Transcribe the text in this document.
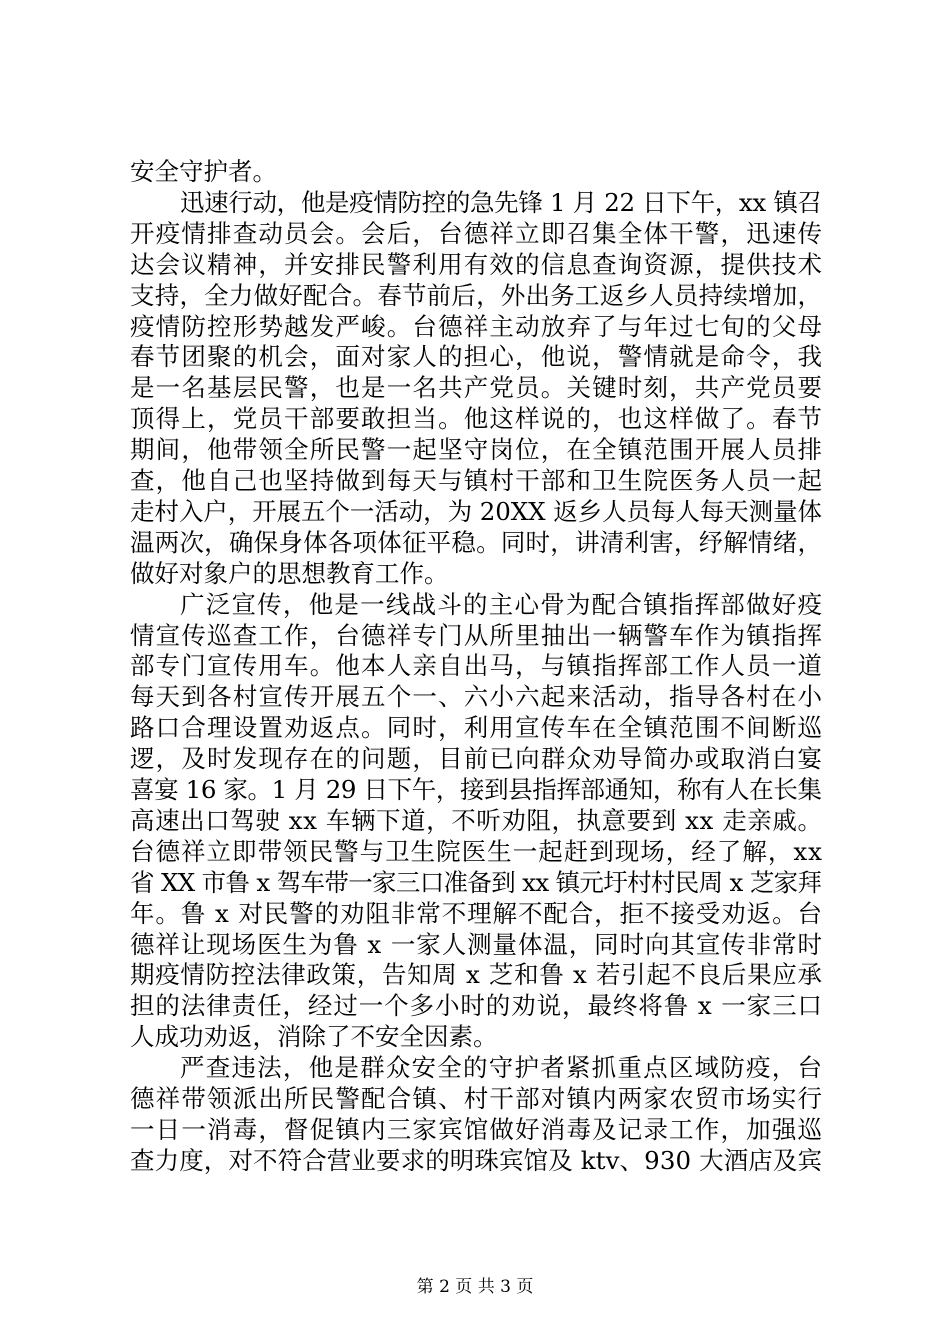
安全守护者。
迅速行动，他是疫情防控的急先锋 1 月 22 日下午，xx 镇召
开疫情排查动员会。会后，台德祥立即召集全体干警，迅速传
达会议精神，并安排民警利用有效的信息查询资源，提供技术
支持，全力做好配合。春节前后，外出务工返乡人员持续增加，
疫情防控形势越发严峻。台德祥主动放弃了与年过七旬的父母
春节团聚的机会，面对家人的担心，他说，警情就是命令，我
是一名基层民警，也是一名共产党员。关键时刻，共产党员要
顶得上，党员干部要敢担当。他这样说的，也这样做了。春节
期间，他带领全所民警一起坚守岗位，在全镇范围开展人员排
查，他自己也坚持做到每天与镇村干部和卫生院医务人员一起
走村入户，开展五个一活动，为 20XX 返乡人员每人每天测量体
温两次，确保身体各项体征平稳。同时，讲清利害，纾解情绪，
做好对象户的思想教育工作。
广泛宣传，他是一线战斗的主心骨为配合镇指挥部做好疫
情宣传巡查工作，台德祥专门从所里抽出一辆警车作为镇指挥
部专门宣传用车。他本人亲自出马，与镇指挥部工作人员一道
每天到各村宣传开展五个一、六小六起来活动，指导各村在小
路口合理设置劝返点。同时，利用宣传车在全镇范围不间断巡
逻，及时发现存在的问题，目前已向群众劝导简办或取消白宴
喜宴 16 家。1 月 29 日下午，接到县指挥部通知，称有人在长集
高速出口驾驶 xx 车辆下道，不听劝阻，执意要到 xx 走亲戚。
台德祥立即带领民警与卫生院医生一起赶到现场，经了解，xx
省 XX 市鲁 x 驾车带一家三口准备到 xx 镇元圩村村民周 x 芝家拜
年。鲁 x 对民警的劝阻非常不理解不配合，拒不接受劝返。台
德祥让现场医生为鲁 x 一家人测量体温，同时向其宣传非常时
期疫情防控法律政策，告知周 x 芝和鲁 x 若引起不良后果应承
担的法律责任，经过一个多小时的劝说，最终将鲁 x 一家三口
人成功劝返，消除了不安全因素。
严查违法，他是群众安全的守护者紧抓重点区域防疫，台
德祥带领派出所民警配合镇、村干部对镇内两家农贸市场实行
一日一消毒，督促镇内三家宾馆做好消毒及记录工作，加强巡
查力度，对不符合营业要求的明珠宾馆及 ktv、930 大酒店及宾
第 2 页 共 3 页
